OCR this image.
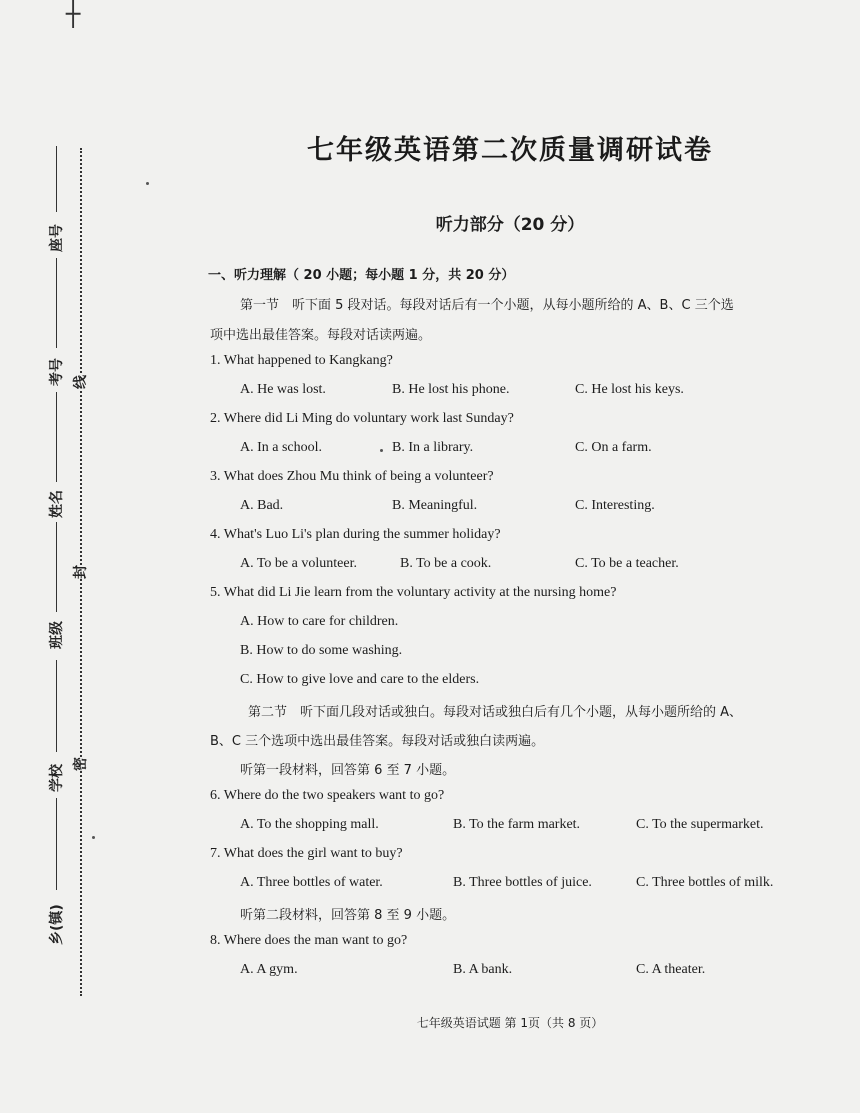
┼
座号
考号
姓名
班级
学校
乡(镇)
线
封
密
七年级英语第二次质量调研试卷
听力部分（20 分）
一、听力理解（ 20 小题；每小题 1 分，共 20 分）
第一节　听下面 5 段对话。每段对话后有一个小题，从每小题所给的 A、B、C 三个选
项中选出最佳答案。每段对话读两遍。
1. What happened to Kangkang?
A. He was lost.	B. He lost his phone.	C. He lost his keys.
2. Where did Li Ming do voluntary work last Sunday?
A. In a school.	B. In a library.	C. On a farm.
3. What does Zhou Mu think of being a volunteer?
A. Bad.	B. Meaningful.	C. Interesting.
4. What's Luo Li's plan during the summer holiday?
A. To be a volunteer.	B. To be a cook.	C. To be a teacher.
5. What did Li Jie learn from the voluntary activity at the nursing home?
A. How to care for children.
B. How to do some washing.
C. How to give love and care to the elders.
第二节　听下面几段对话或独白。每段对话或独白后有几个小题，从每小题所给的 A、
B、C 三个选项中选出最佳答案。每段对话或独白读两遍。
听第一段材料，回答第 6 至 7 小题。
6. Where do the two speakers want to go?
A. To the shopping mall.	B. To the farm market.	C. To the supermarket.
7. What does the girl want to buy?
A. Three bottles of water.	B. Three bottles of juice.	C. Three bottles of milk.
听第二段材料，回答第 8 至 9 小题。
8. Where does the man want to go?
A. A gym.	B. A bank.	C. A theater.
七年级英语试题 第 1页（共 8 页）
